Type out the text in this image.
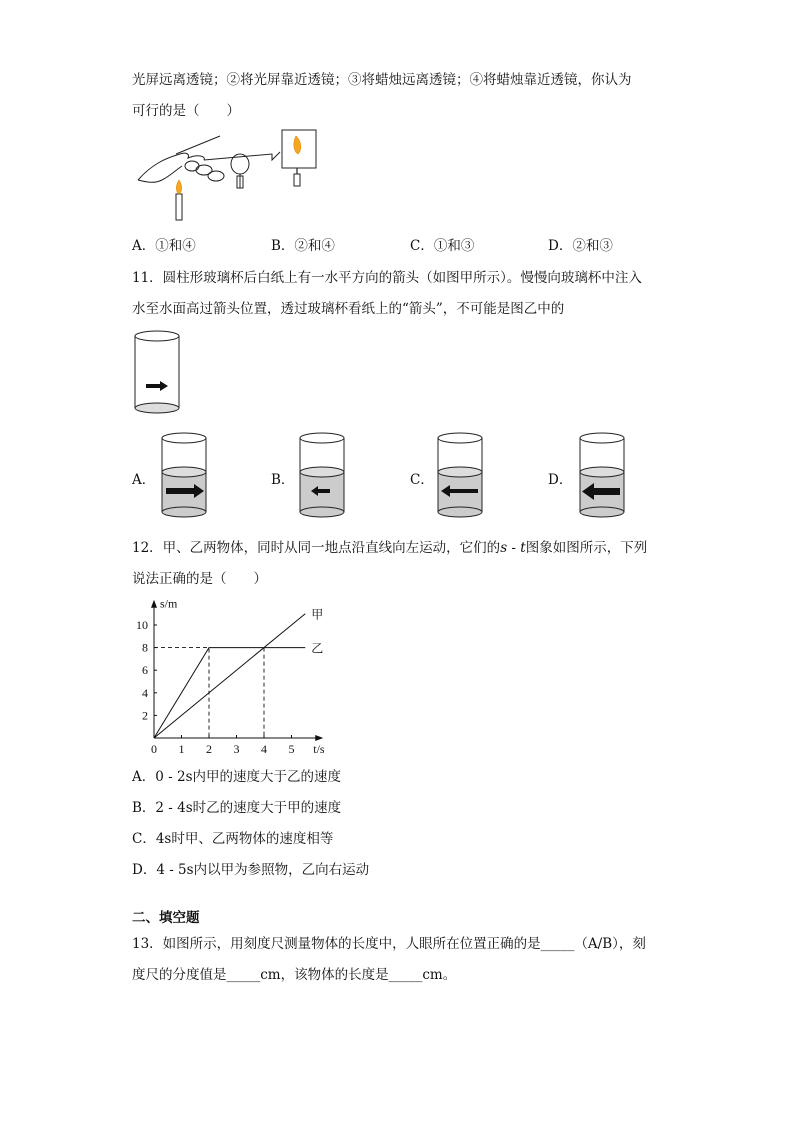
光屏远离透镜；②将光屏靠近透镜；③将蜡烛远离透镜；④将蜡烛靠近透镜，你认为
可行的是（　　）
A．①和④	B．②和④	C．①和③	D．②和③
11．圆柱形玻璃杯后白纸上有一水平方向的箭头（如图甲所示）。慢慢向玻璃杯中注入
水至水面高过箭头位置，透过玻璃杯看纸上的“箭头”，不可能是图乙中的
A．	B．	C．	D．
12．甲、乙两物体，同时从同一地点沿直线向左运动，它们的s - t图象如图所示，下列
说法正确的是（　　）
0 1 2 3 4 5
2
4
6
8
10
t/s
s/m
甲
乙
A．0 - 2s内甲的速度大于乙的速度
B．2 - 4s时乙的速度大于甲的速度
C．4s时甲、乙两物体的速度相等
D．4 - 5s内以甲为参照物，乙向右运动
二、填空题
13．如图所示，用刻度尺测量物体的长度中，人眼所在位置正确的是_____（A/B），刻
度尺的分度值是_____cm，该物体的长度是_____cm。
